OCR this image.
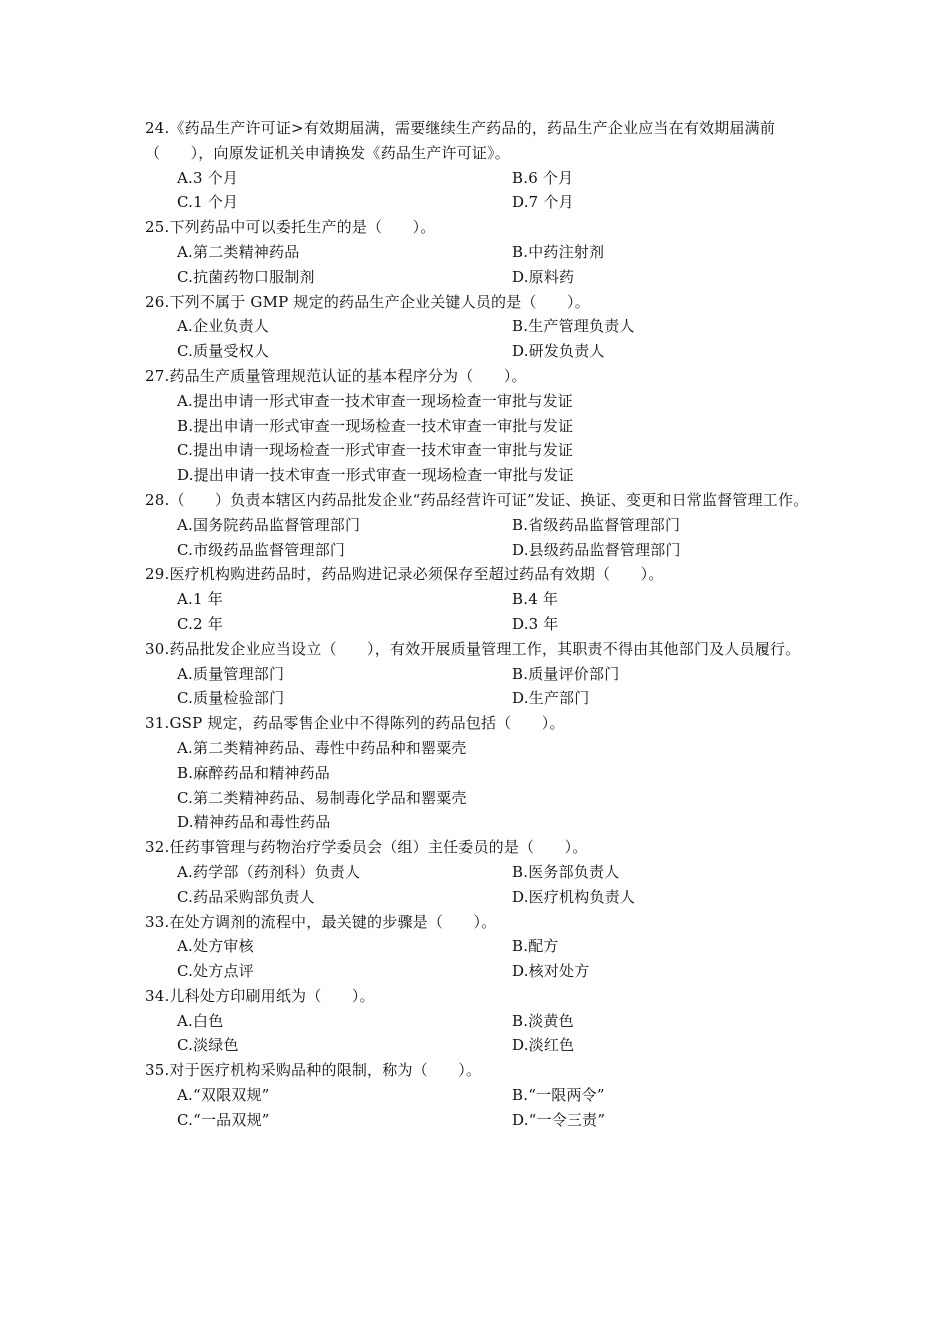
24.《药品生产许可证>有效期届满，需要继续生产药品的，药品生产企业应当在有效期届满前（　　），向原发证机关申请换发《药品生产许可证》。

A.3 个月	B.6 个月
C.1 个月	D.7 个月

25.下列药品中可以委托生产的是（　　）。

A.第二类精神药品	B.中药注射剂
C.抗菌药物口服制剂	D.原料药

26.下列不属于 GMP 规定的药品生产企业关键人员的是（　　）。

A.企业负责人	B.生产管理负责人
C.质量受权人	D.研发负责人

27.药品生产质量管理规范认证的基本程序分为（　　）。

A.提出申请一形式审查一技术审查一现场检查一审批与发证
B.提出申请一形式审查一现场检查一技术审查一审批与发证
C.提出申请一现场检查一形式审查一技术审查一审批与发证
D.提出申请一技术审查一形式审查一现场检查一审批与发证

28.（　　）负责本辖区内药品批发企业“药品经营许可证”发证、换证、变更和日常监督管理工作。

A.国务院药品监督管理部门	B.省级药品监督管理部门
C.市级药品监督管理部门	D.县级药品监督管理部门

29.医疗机构购进药品时，药品购进记录必须保存至超过药品有效期（　　）。

A.1 年	B.4 年
C.2 年	D.3 年

30.药品批发企业应当设立（　　），有效开展质量管理工作，其职责不得由其他部门及人员履行。

A.质量管理部门	B.质量评价部门
C.质量检验部门	D.生产部门

31.GSP 规定，药品零售企业中不得陈列的药品包括（　　）。

A.第二类精神药品、毒性中药品种和罂粟壳
B.麻醉药品和精神药品
C.第二类精神药品、易制毒化学品和罂粟壳
D.精神药品和毒性药品

32.任药事管理与药物治疗学委员会（组）主任委员的是（　　）。

A.药学部（药剂科）负责人	B.医务部负责人
C.药品采购部负责人	D.医疗机构负责人

33.在处方调剂的流程中，最关键的步骤是（　　）。

A.处方审核	B.配方
C.处方点评	D.核对处方

34.儿科处方印刷用纸为（　　）。

A.白色	B.淡黄色
C.淡绿色	D.淡红色

35.对于医疗机构采购品种的限制，称为（　　）。

A.“双限双规”	B.“一限两令”
C.“一品双规”	D.“一令三责”
